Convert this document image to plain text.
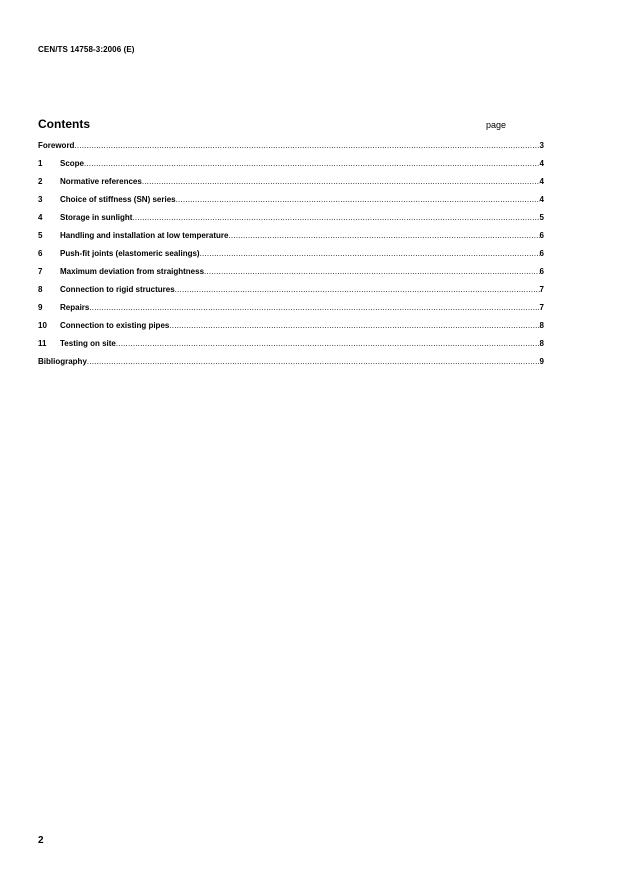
CEN/TS 14758-3:2006 (E)
Contents	page
Foreword .....	3
1	Scope .....	4
2	Normative references .....	4
3	Choice of stiffness (SN) series .....	4
4	Storage in sunlight .....	5
5	Handling and installation at low temperature .....	6
6	Push-fit joints (elastomeric sealings) .....	6
7	Maximum deviation from straightness .....	6
8	Connection to rigid structures .....	7
9	Repairs .....	7
10	Connection to existing pipes .....	8
11	Testing on site .....	8
Bibliography .....	9
2
